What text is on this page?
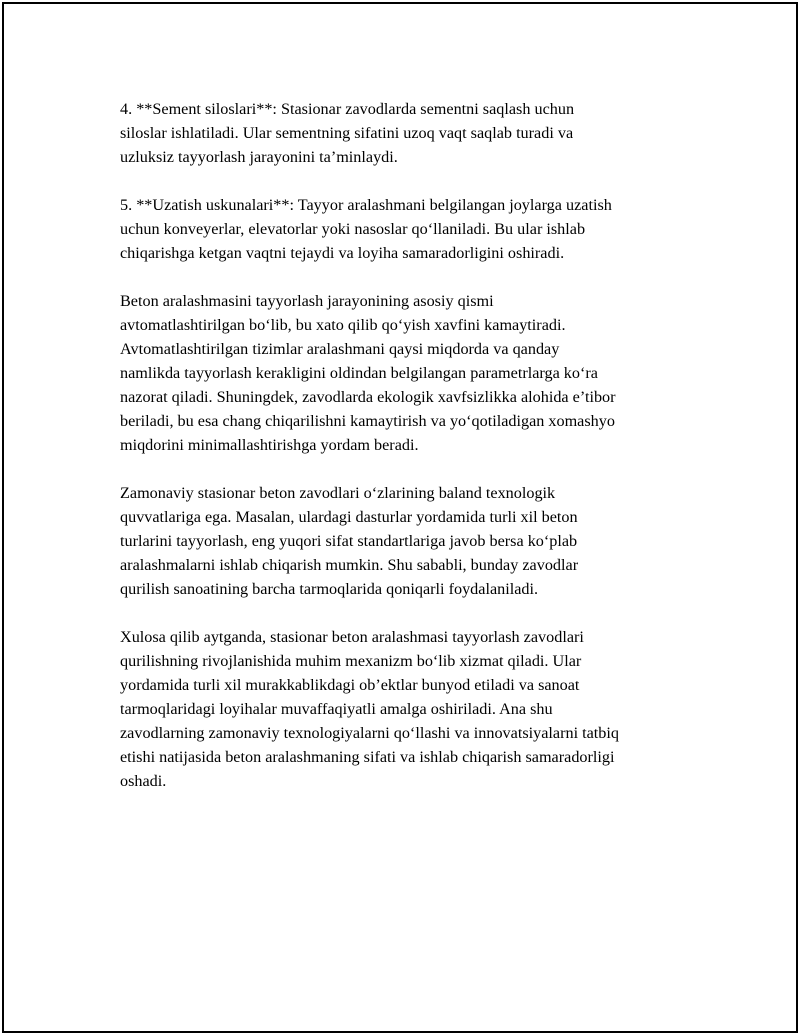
4. **Sement siloslari**: Stasionar zavodlarda sementni saqlash uchun
siloslar ishlatiladi. Ular sementning sifatini uzoq vaqt saqlab turadi va
uzluksiz tayyorlash jarayonini ta’minlaydi.

5. **Uzatish uskunalari**: Tayyor aralashmani belgilangan joylarga uzatish
uchun konveyerlar, elevatorlar yoki nasoslar qo‘llaniladi. Bu ular ishlab
chiqarishga ketgan vaqtni tejaydi va loyiha samaradorligini oshiradi.

Beton aralashmasini tayyorlash jarayonining asosiy qismi
avtomatlashtirilgan bo‘lib, bu xato qilib qo‘yish xavfini kamaytiradi.
Avtomatlashtirilgan tizimlar aralashmani qaysi miqdorda va qanday
namlikda tayyorlash kerakligini oldindan belgilangan parametrlarga ko‘ra
nazorat qiladi. Shuningdek, zavodlarda ekologik xavfsizlikka alohida e’tibor
beriladi, bu esa chang chiqarilishni kamaytirish va yo‘qotiladigan xomashyo
miqdorini minimallashtirishga yordam beradi.

Zamonaviy stasionar beton zavodlari o‘zlarining baland texnologik
quvvatlariga ega. Masalan, ulardagi dasturlar yordamida turli xil beton
turlarini tayyorlash, eng yuqori sifat standartlariga javob bersa ko‘plab
aralashmalarni ishlab chiqarish mumkin. Shu sababli, bunday zavodlar
qurilish sanoatining barcha tarmoqlarida qoniqarli foydalaniladi.

Xulosa qilib aytganda, stasionar beton aralashmasi tayyorlash zavodlari
qurilishning rivojlanishida muhim mexanizm bo‘lib xizmat qiladi. Ular
yordamida turli xil murakkablikdagi ob’ektlar bunyod etiladi va sanoat
tarmoqlaridagi loyihalar muvaffaqiyatli amalga oshiriladi. Ana shu
zavodlarning zamonaviy texnologiyalarni qo‘llashi va innovatsiyalarni tatbiq
etishi natijasida beton aralashmaning sifati va ishlab chiqarish samaradorligi
oshadi.
